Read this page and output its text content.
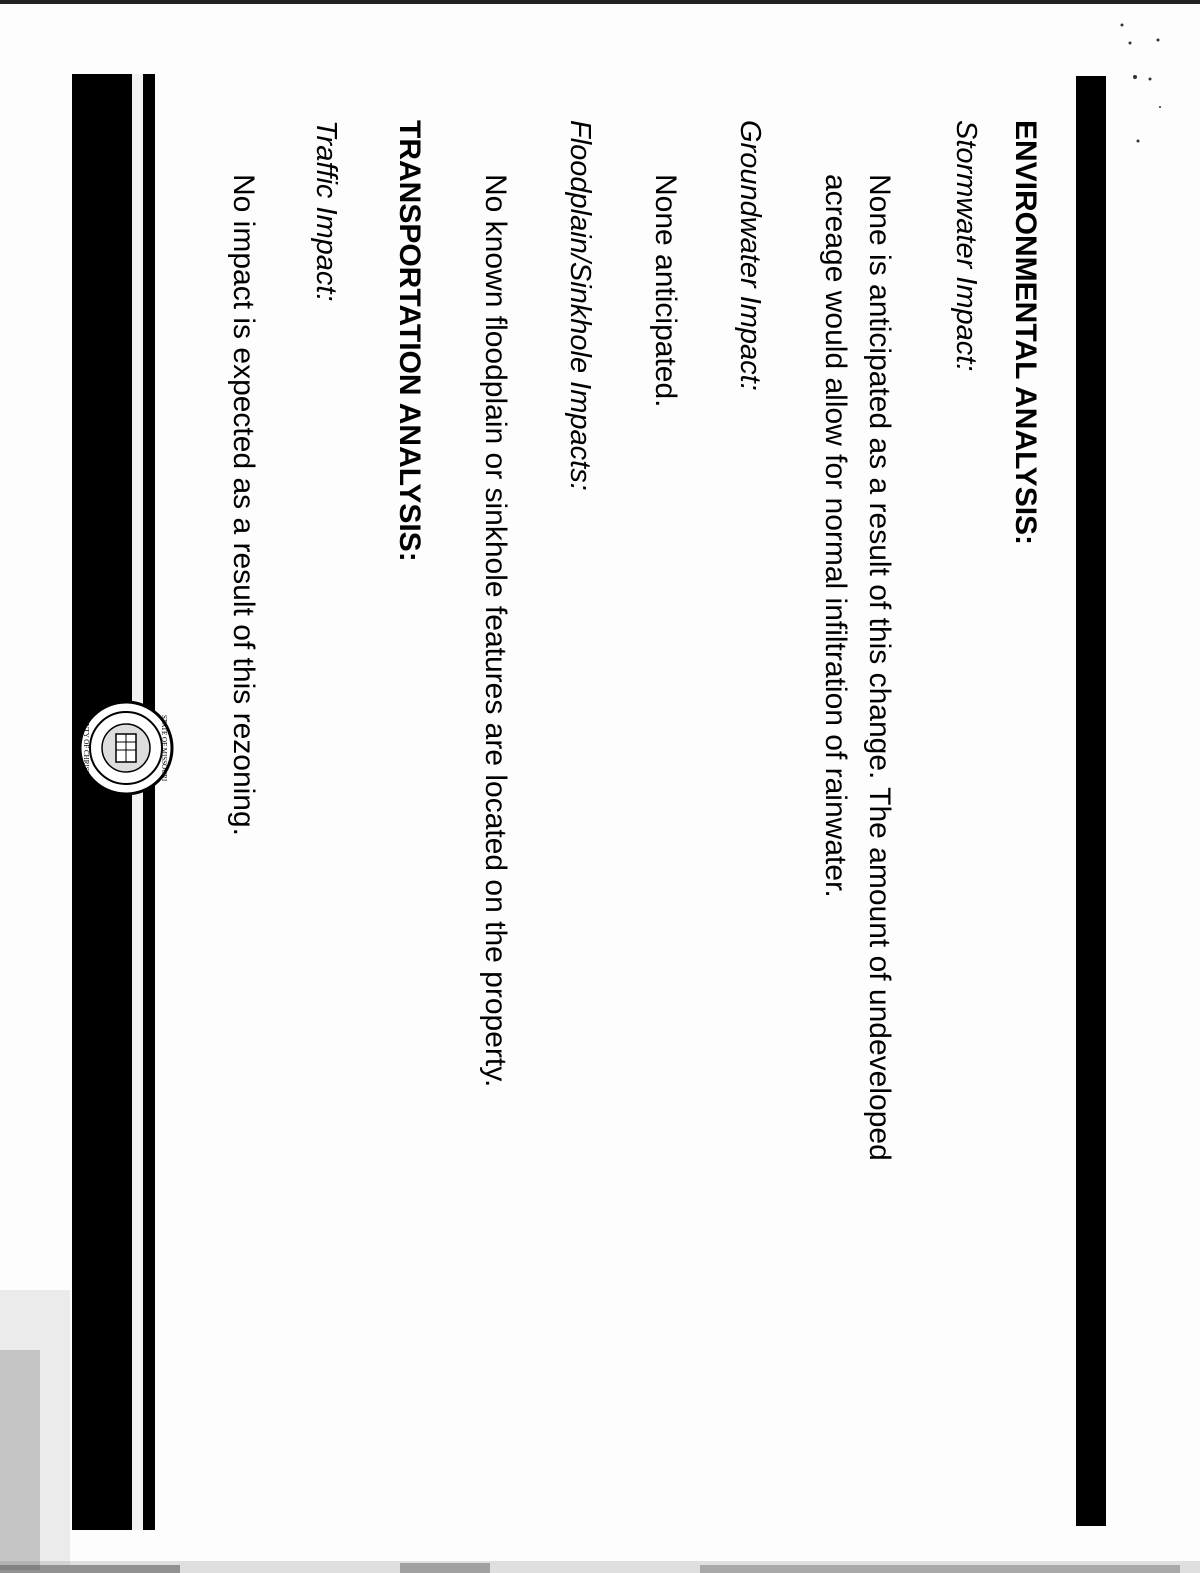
STATE OF MISSOURI
COUNTY OF CHRISTIAN
ENVIRONMENTAL ANALYSIS:
Stormwater Impact:
None is anticipated as a result of this change. The amount of undeveloped
acreage would allow for normal infiltration of rainwater.
Groundwater Impact:
None anticipated.
Floodplain/Sinkhole Impacts:
No known floodplain or sinkhole features are located on the property.
TRANSPORTATION ANALYSIS:
Traffic Impact:
No impact is expected as a result of this rezoning.
